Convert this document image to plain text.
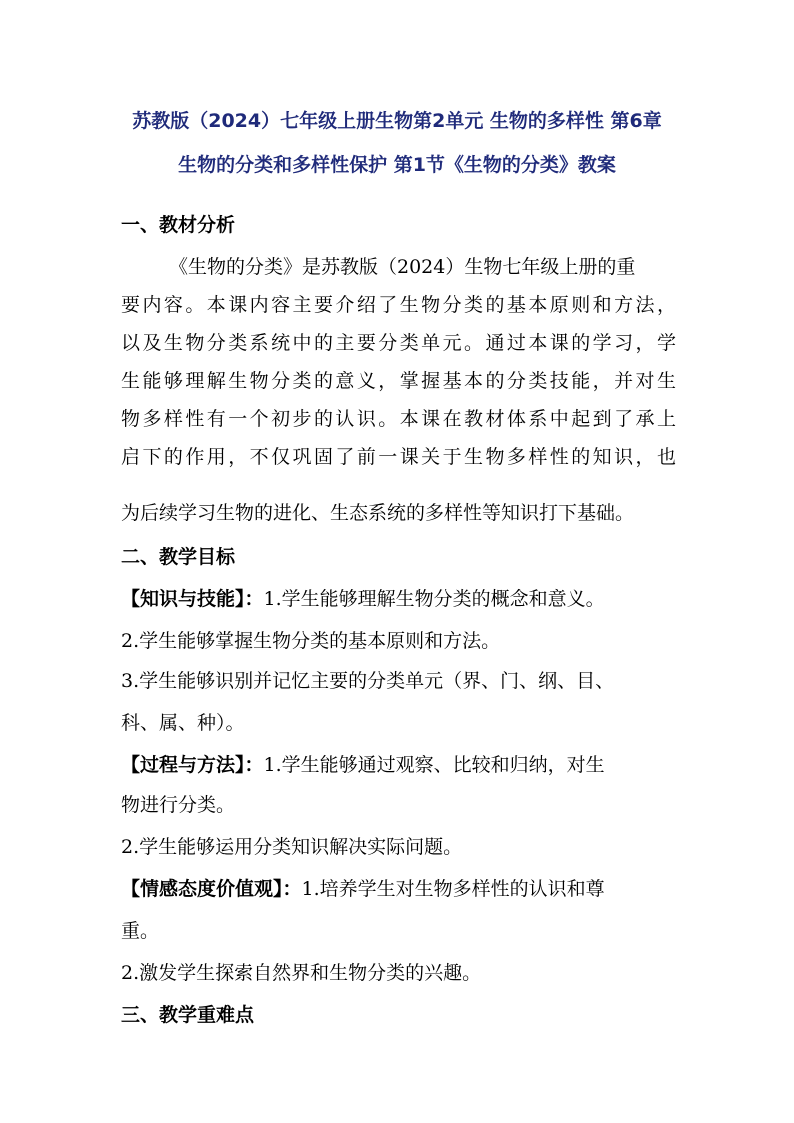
苏教版（2024）七年级上册生物第2单元 生物的多样性 第6章

生物的分类和多样性保护 第1节《生物的分类》教案

一、教材分析

《生物的分类》是苏教版（2024）生物七年级上册的重

要内容。本课内容主要介绍了生物分类的基本原则和方法，

以及生物分类系统中的主要分类单元。通过本课的学习，学

生能够理解生物分类的意义，掌握基本的分类技能，并对生

物多样性有一个初步的认识。本课在教材体系中起到了承上

启下的作用，不仅巩固了前一课关于生物多样性的知识，也

为后续学习生物的进化、生态系统的多样性等知识打下基础。

二、教学目标

【知识与技能】：1.学生能够理解生物分类的概念和意义。

2.学生能够掌握生物分类的基本原则和方法。

3.学生能够识别并记忆主要的分类单元（界、门、纲、目、

科、属、种）。

【过程与方法】：1.学生能够通过观察、比较和归纳，对生

物进行分类。

2.学生能够运用分类知识解决实际问题。

【情感态度价值观】：1.培养学生对生物多样性的认识和尊

重。

2.激发学生探索自然界和生物分类的兴趣。

三、教学重难点
